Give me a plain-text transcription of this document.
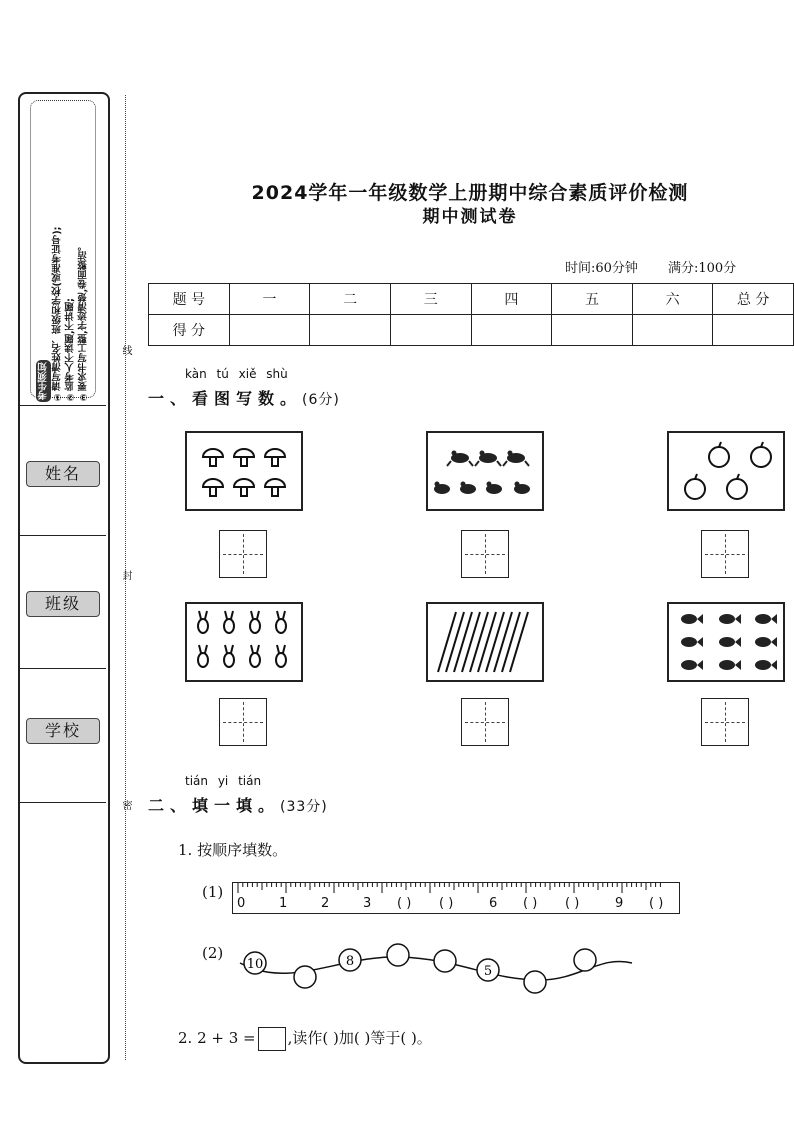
考生须知 ①请写清姓名、班级和学校(或准考证号); ②监考人不读题,不讲题; ③要求书写工整,字迹清楚,卷面整洁。
姓名
班级
学校
线
封
密
2024学年一年级数学上册期中综合素质评价检测
期中测试卷
时间:60分钟 满分:100分
题 号	一	二	三	四	五	六	总 分
得 分							
kàn tú xiě shù
一、看图写数。(6分)
tián yi tián
二、填一填。(33分)
1. 按顺序填数。
(1)
0	1	2	3 ( ) ( )	6 ( ) ( )	9 ( )
(2)
10	8
5
2. 2 + 3 = ,读作( )加( )等于( )。
